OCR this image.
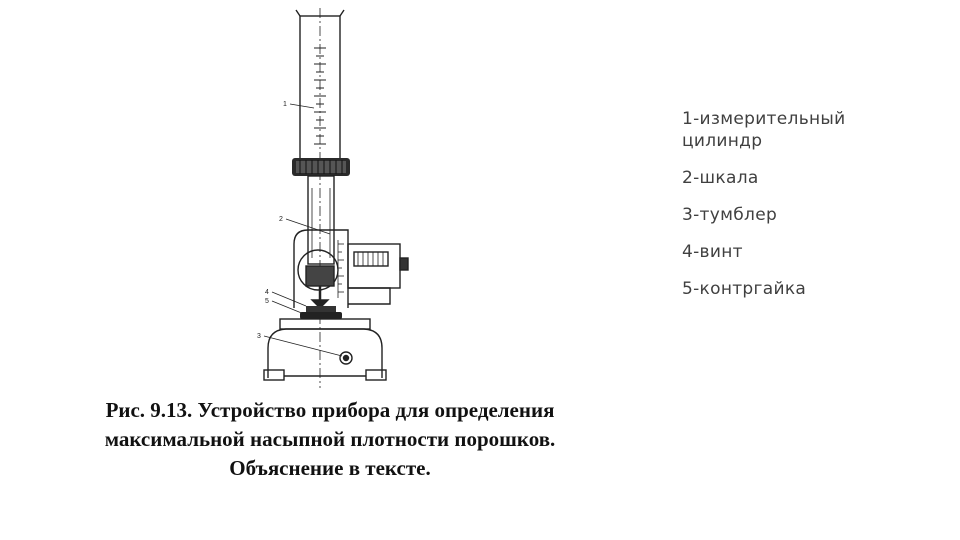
1
2
4
5
3
1-измерительный
цилиндр
2-шкала
3-тумблер
4-винт
5-контргайка
Рис. 9.13. Устройство прибора для определения
максимальной насыпной плотности порошков.
Объяснение в тексте.
